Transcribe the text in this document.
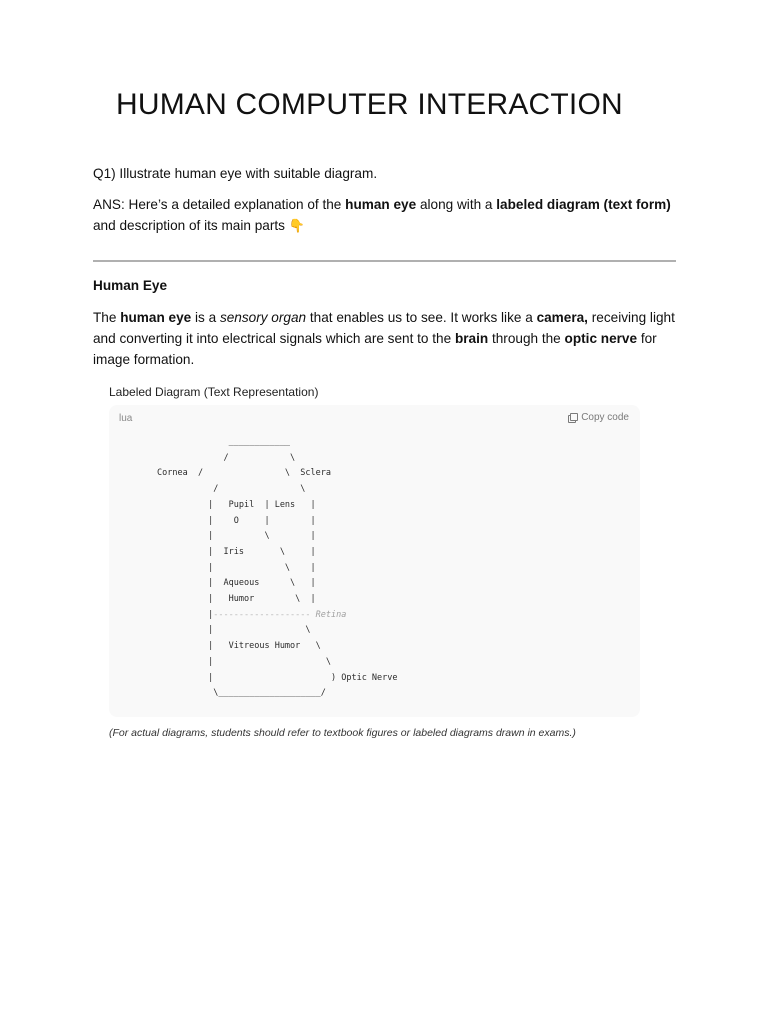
HUMAN COMPUTER INTERACTION

Q1) Illustrate human eye with suitable diagram.

ANS: Here’s a detailed explanation of the human eye along with a labeled diagram (text form) and description of its main parts 👇

Human Eye

The human eye is a sensory organ that enables us to see. It works like a camera, receiving light and converting it into electrical signals which are sent to the brain through the optic nerve for image formation.

Labeled Diagram (Text Representation)

lua	Copy code
____________
/            \
Cornea  /                \  Sclera
/                \
|   Pupil  | Lens   |
|    O     |        |
|          \        |
|  Iris       \     |
|              \    |
|  Aqueous      \   |
|   Humor        \  |
|------------------- Retina
|                  \
|   Vitreous Humor   \
|                      \
|                       ) Optic Nerve
\____________________/

(For actual diagrams, students should refer to textbook figures or labeled diagrams drawn in exams.)
